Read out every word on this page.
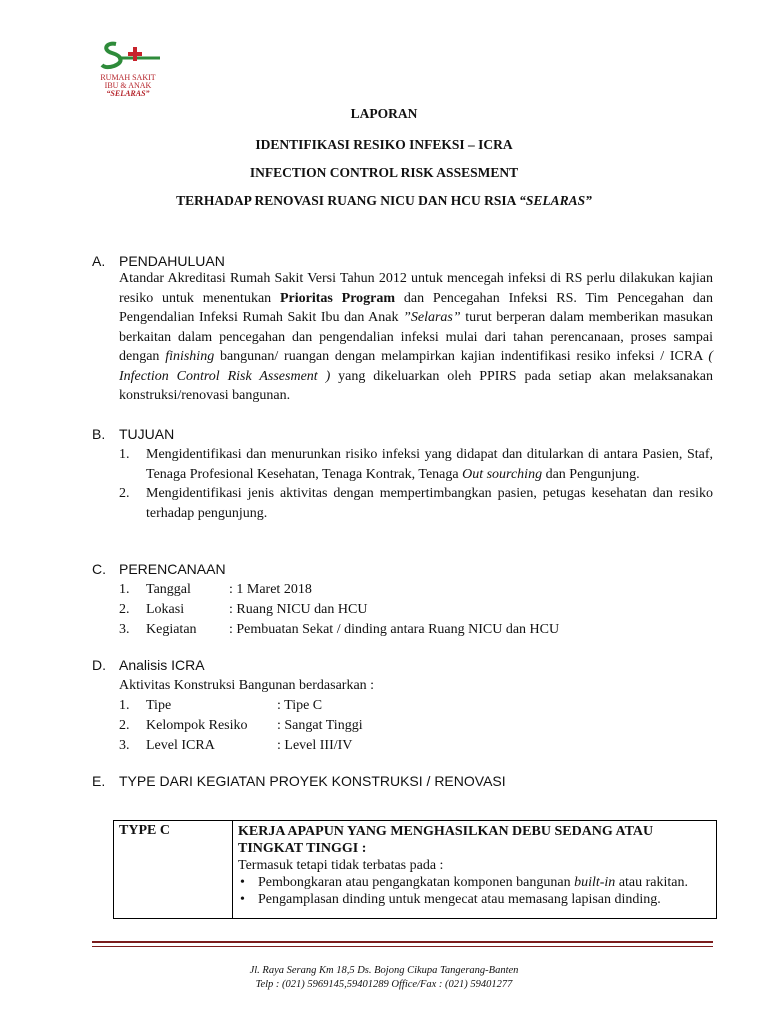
RUMAH SAKIT
IBU & ANAK
“SELARAS”

LAPORAN

IDENTIFIKASI RESIKO INFEKSI – ICRA

INFECTION CONTROL RISK ASSESMENT

TERHADAP RENOVASI RUANG NICU DAN HCU RSIA “SELARAS”

A. PENDAHULUAN
Atandar Akreditasi Rumah Sakit Versi Tahun 2012 untuk mencegah infeksi di RS perlu dilakukan kajian resiko untuk menentukan Prioritas Program dan Pencegahan Infeksi RS. Tim Pencegahan dan Pengendalian Infeksi Rumah Sakit Ibu dan Anak ”Selaras” turut berperan dalam memberikan masukan berkaitan dalam pencegahan dan pengendalian infeksi mulai dari tahan perencanaan, proses sampai dengan finishing bangunan/ ruangan dengan melampirkan kajian indentifikasi resiko infeksi / ICRA ( Infection Control Risk Assesment ) yang dikeluarkan oleh PPIRS pada setiap akan melaksanakan konstruksi/renovasi bangunan.
B. TUJUAN
1. Mengidentifikasi dan menurunkan risiko infeksi yang didapat dan ditularkan di antara Pasien, Staf, Tenaga Profesional Kesehatan, Tenaga Kontrak, Tenaga Out sourching dan Pengunjung.
2. Mengidentifikasi jenis aktivitas dengan mempertimbangkan pasien, petugas kesehatan dan resiko terhadap pengunjung.
C. PERENCANAAN
1. Tanggal	: 1 Maret 2018
2. Lokasi	: Ruang NICU dan HCU
3. Kegiatan : Pembuatan Sekat / dinding antara Ruang NICU dan HCU
D. Analisis ICRA
Aktivitas Konstruksi Bangunan berdasarkan :
1. Tipe	: Tipe C
2. Kelompok Resiko : Sangat Tinggi
3. Level ICRA	: Level III/IV
E. TYPE DARI KEGIATAN PROYEK KONSTRUKSI / RENOVASI
TYPE C	KERJA APAPUN YANG MENGHASILKAN DEBU SEDANG ATAU TINGKAT TINGGI :
Termasuk tetapi tidak terbatas pada :
• Pembongkaran atau pengangkatan komponen bangunan built-in atau rakitan.
• Pengamplasan dinding untuk mengecat atau memasang lapisan dinding.
Jl. Raya Serang Km 18,5 Ds. Bojong Cikupa Tangerang-Banten
Telp : (021) 5969145,59401289 Office/Fax : (021) 59401277
